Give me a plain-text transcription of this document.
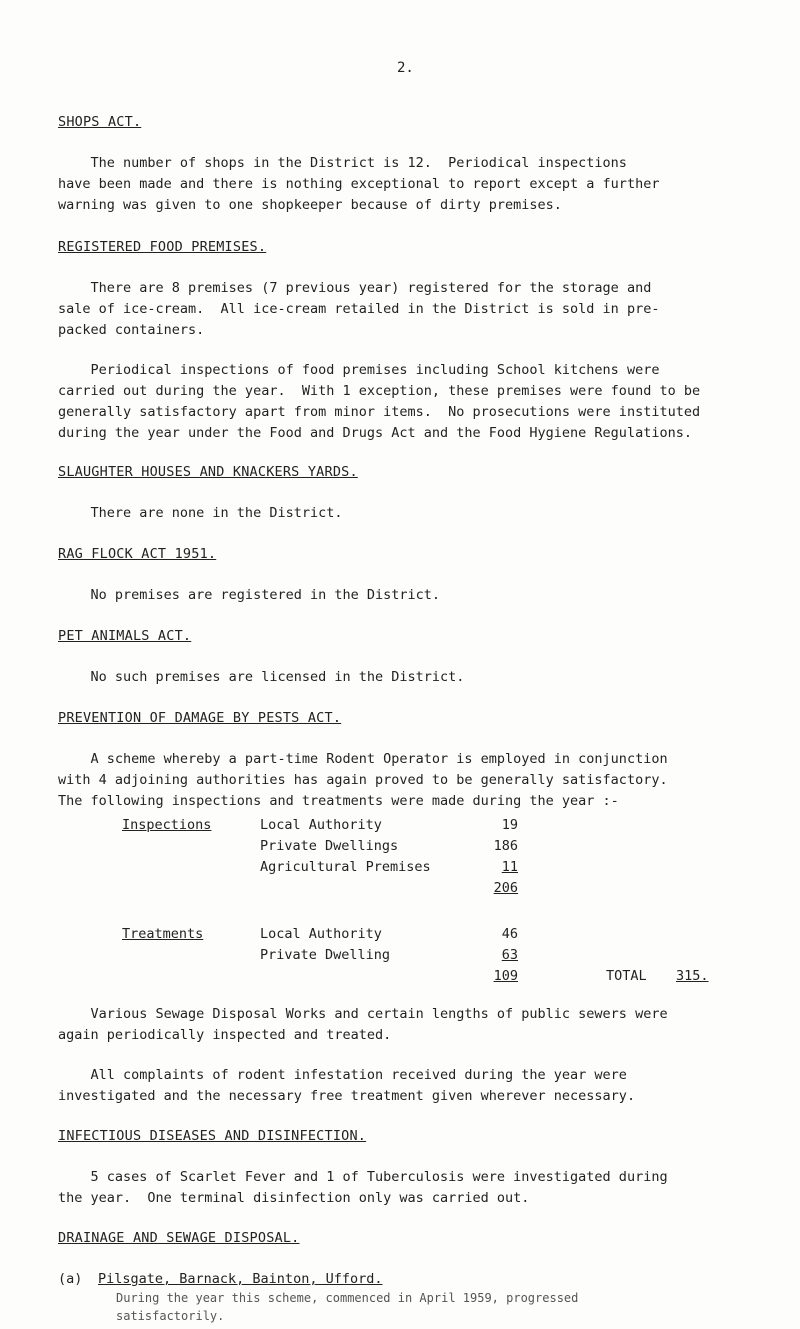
2.
SHOPS ACT.
The number of shops in the District is 12.  Periodical inspections
have been made and there is nothing exceptional to report except a further
warning was given to one shopkeeper because of dirty premises.
REGISTERED FOOD PREMISES.
There are 8 premises (7 previous year) registered for the storage and
sale of ice-cream.  All ice-cream retailed in the District is sold in pre-
packed containers.
Periodical inspections of food premises including School kitchens were
carried out during the year.  With 1 exception, these premises were found to be
generally satisfactory apart from minor items.  No prosecutions were instituted
during the year under the Food and Drugs Act and the Food Hygiene Regulations.
SLAUGHTER HOUSES AND KNACKERS YARDS.
There are none in the District.
RAG FLOCK ACT 1951.
No premises are registered in the District.
PET ANIMALS ACT.
No such premises are licensed in the District.
PREVENTION OF DAMAGE BY PESTS ACT.
A scheme whereby a part-time Rodent Operator is employed in conjunction
with 4 adjoining authorities has again proved to be generally satisfactory.
The following inspections and treatments were made during the year :-
Inspections	Local Authority	19
Private Dwellings	186
Agricultural Premises	11
206
Treatments	Local Authority	46
Private Dwelling	63
109	TOTAL 315.
Various Sewage Disposal Works and certain lengths of public sewers were
again periodically inspected and treated.
All complaints of rodent infestation received during the year were
investigated and the necessary free treatment given wherever necessary.
INFECTIOUS DISEASES AND DISINFECTION.
5 cases of Scarlet Fever and 1 of Tuberculosis were investigated during
the year.  One terminal disinfection only was carried out.
DRAINAGE AND SEWAGE DISPOSAL.
(a) Pilsgate, Barnack, Bainton, Ufford.
During the year this scheme, commenced in April 1959, progressed
satisfactorily.
